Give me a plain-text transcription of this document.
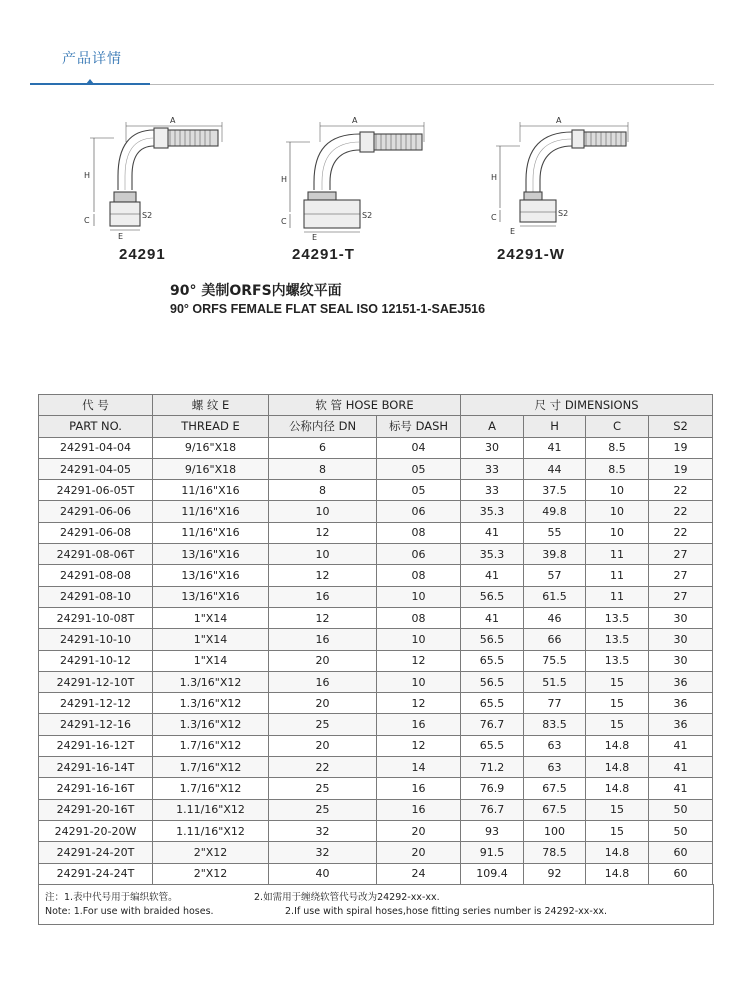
产品详情
A
H
C
E
S2
24291
A
H
C
E
S2
24291-T
A
H
C
E
S2
24291-W
90° 美制ORFS内螺纹平面
90° ORFS FEMALE FLAT SEAL ISO 12151-1-SAEJ516
代 号	螺 纹 E	软 管 HOSE BORE		尺 寸 DIMENSIONS			
PART NO.	THREAD E	公称内径 DN	标号 DASH	A	H	C	S2
24291-04-04	9/16"X18	6	04	30	41	8.5	19
24291-04-05	9/16"X18	8	05	33	44	8.5	19
24291-06-05T	11/16"X16	8	05	33	37.5	10	22
24291-06-06	11/16"X16	10	06	35.3	49.8	10	22
24291-06-08	11/16"X16	12	08	41	55	10	22
24291-08-06T	13/16"X16	10	06	35.3	39.8	11	27
24291-08-08	13/16"X16	12	08	41	57	11	27
24291-08-10	13/16"X16	16	10	56.5	61.5	11	27
24291-10-08T	1"X14	12	08	41	46	13.5	30
24291-10-10	1"X14	16	10	56.5	66	13.5	30
24291-10-12	1"X14	20	12	65.5	75.5	13.5	30
24291-12-10T	1.3/16"X12	16	10	56.5	51.5	15	36
24291-12-12	1.3/16"X12	20	12	65.5	77	15	36
24291-12-16	1.3/16"X12	25	16	76.7	83.5	15	36
24291-16-12T	1.7/16"X12	20	12	65.5	63	14.8	41
24291-16-14T	1.7/16"X12	22	14	71.2	63	14.8	41
24291-16-16T	1.7/16"X12	25	16	76.9	67.5	14.8	41
24291-20-16T	1.11/16"X12	25	16	76.7	67.5	15	50
24291-20-20W	1.11/16"X12	32	20	93	100	15	50
24291-24-20T	2"X12	32	20	91.5	78.5	14.8	60
24291-24-24T	2"X12	40	24	109.4	92	14.8	60
注：1.表中代号用于编织软管。	2.如需用于缠绕软管代号改为24292-xx-xx.
Note: 1.For use with braided hoses.	2.If use with spiral hoses,hose fitting series number is 24292-xx-xx.
